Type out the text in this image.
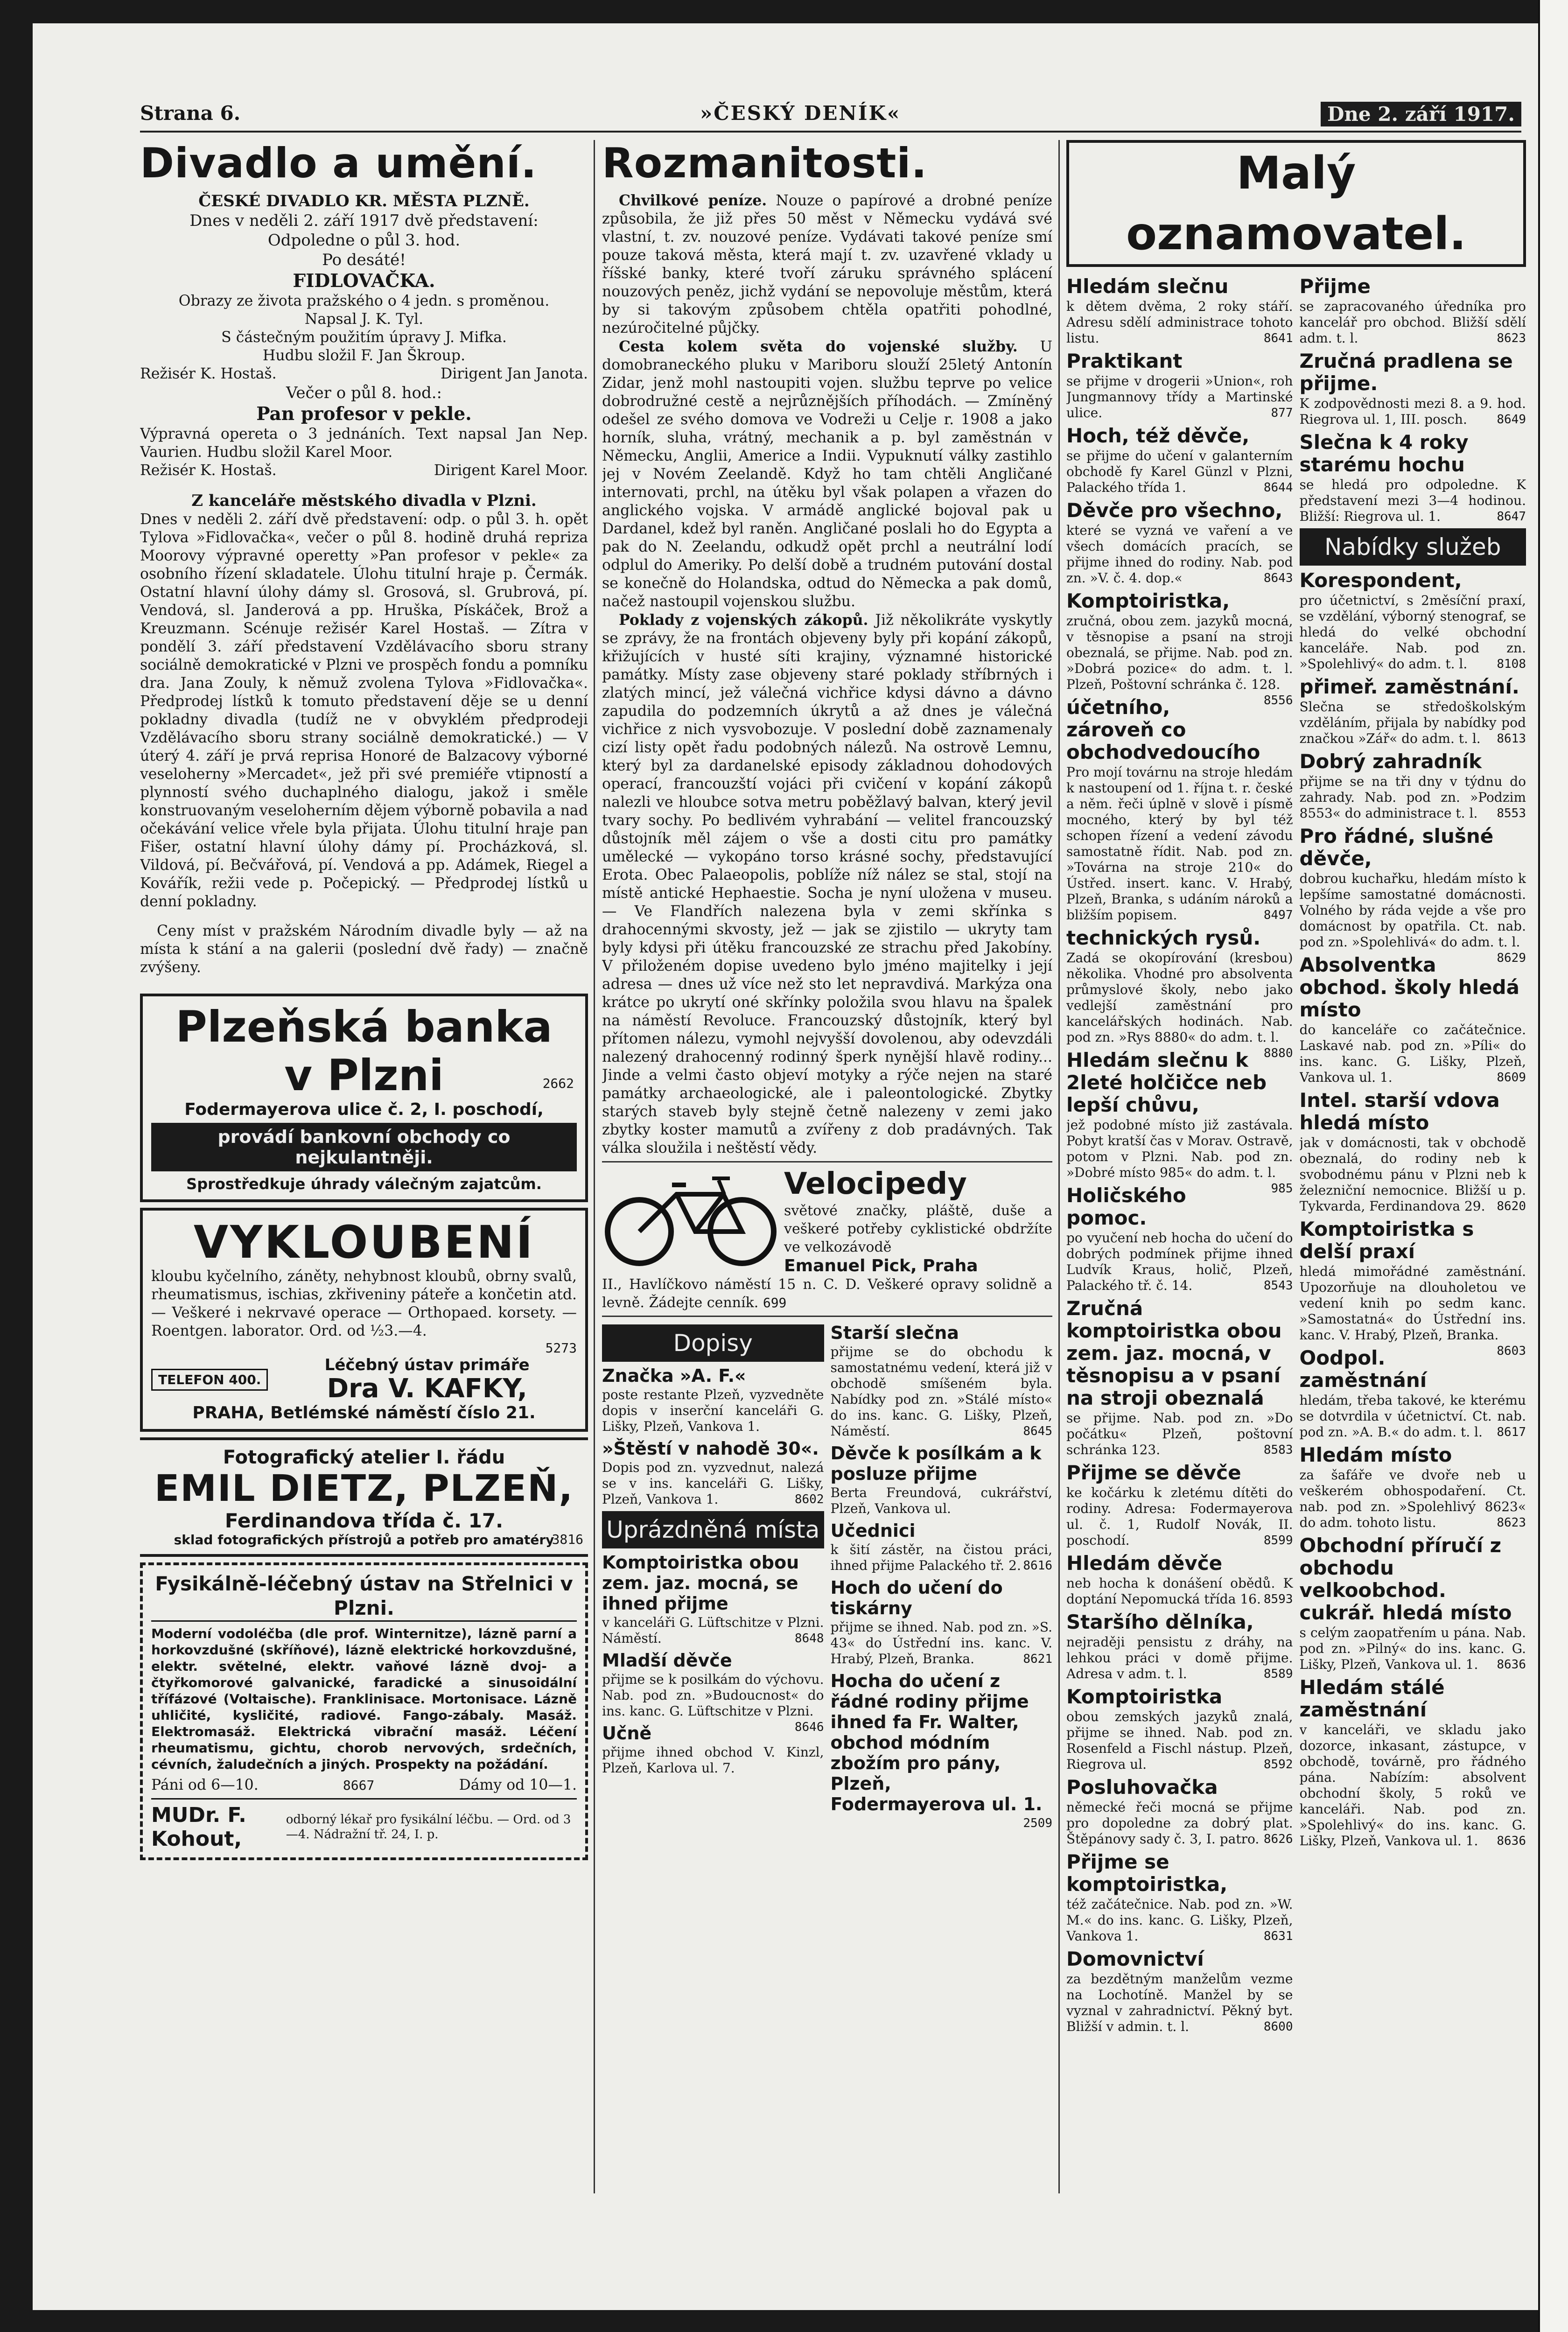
Strana 6.	»ČESKÝ DENÍK«	Dne 2. září 1917.
Divadlo a umění.

ČESKÉ DIVADLO KR. MĚSTA PLZNĚ.

Dnes v neděli 2. září 1917 dvě představení:

Odpoledne o půl 3. hod.

Po desáté!

FIDLOVAČKA.

Obrazy ze života pražského o 4 jedn. s proměnou.

Napsal J. K. Tyl.

S částečným použitím úpravy J. Mifka.

Hudbu složil F. Jan Škroup.

Režisér K. Hostaš.	Dirigent Jan Janota.

Večer o půl 8. hod.:

Pan profesor v pekle.

Výpravná opereta o 3 jednáních. Text napsal Jan Nep. Vaurien. Hudbu složil Karel Moor.

Režisér K. Hostaš.	Dirigent Karel Moor.

Z kanceláře městského divadla v Plzni.

Dnes v neděli 2. září dvě představení: odp. o půl 3. h. opět Tylova »Fidlovačka«, večer o půl 8. hodině druhá repriza Moorovy výpravné operetty »Pan profesor v pekle« za osobního řízení skladatele. Úlohu titulní hraje p. Čermák. Ostatní hlavní úlohy dámy sl. Grosová, sl. Grubrová, pí. Vendová, sl. Janderová a pp. Hruška, Pískáček, Brož a Kreuzmann. Scénuje režisér Karel Hostaš. — Zítra v pondělí 3. září představení Vzdělávacího sboru strany sociálně demokratické v Plzni ve prospěch fondu a pomníku dra. Jana Zouly, k němuž zvolena Tylova »Fidlovačka«. Předprodej lístků k tomuto představení děje se u denní pokladny divadla (tudíž ne v obvyklém předprodeji Vzdělávacího sboru strany sociálně demokratické.) — V úterý 4. září je prvá reprisa Honoré de Balzacovy výborné veseloherny »Mercadet«, jež při své premiéře vtipností a plynností svého duchaplného dialogu, jakož i směle konstruovaným veseloherním dějem výborně pobavila a nad očekávání velice vřele byla přijata. Úlohu titulní hraje pan Fišer, ostatní hlavní úlohy dámy pí. Procházková, sl. Vildová, pí. Bečvářová, pí. Vendová a pp. Adámek, Riegel a Kovářík, režii vede p. Počepický. — Předprodej lístků u denní pokladny.

Ceny míst v pražském Národním divadle byly — až na místa k stání a na galerii (poslední dvě řady) — značně zvýšeny.

Plzeňská banka
v Plzni	2662

Fodermayerova ulice č. 2, I. poschodí,

provádí bankovní obchody co nejkulantněji.

Sprostředkuje úhrady válečným zajatcům.

VYKLOUBENÍ

kloubu kyčelního, záněty, nehybnost kloubů, obrny svalů, rheumatismus, ischias, zkřiveniny páteře a končetin atd. — Veškeré i nekrvavé operace — Orthopaed. korsety. — Roentgen. laborator. Ord. od ½3.—4.

5273
TELEFON 400.

Léčebný ústav primáře

Dra V. KAFKY,

PRAHA, Betlémské náměstí číslo 21.

Fotografický atelier I. řádu

EMIL DIETZ, PLZEŇ,

Ferdinandova třída č. 17.

3816

sklad fotografických přístrojů a potřeb pro amatéry

Fysikálně-léčebný ústav na Střelnici v Plzni.

Moderní vodoléčba (dle prof. Winternitze), lázně parní a horkovzdušné (skříňové), lázně elektrické horkovzdušné, elektr. světelné, elektr. vaňové lázně dvoj- a čtyřkomorové galvanické, faradické a sinusoidální třífázové (Voltaische). Franklinisace. Mortonisace. Lázně uhličité, kysličité, radiové. Fango-zábaly. Masáž. Elektromasáž. Elektrická vibrační masáž. Léčení rheumatismu, gichtu, chorob nervových, srdečních, cévních, žaludečních a jiných. Prospekty na požádání.

Páni od 6—10.	8667	Dámy od 10—1.
MUDr. F. Kohout,
odborný lékař pro fysikální léčbu. — Ord. od 3—4. Nádražní tř. 24, I. p.
Rozmanitosti.

Chvilkové peníze. Nouze o papírové a drobné peníze způsobila, že již přes 50 měst v Německu vydává své vlastní, t. zv. nouzové peníze. Vydávati takové peníze smí pouze taková města, která mají t. zv. uzavřené vklady u říšské banky, které tvoří záruku správného splácení nouzových peněz, jichž vydání se nepovoluje městům, která by si takovým způsobem chtěla opatřiti pohodlné, nezúročitelné půjčky.

Cesta kolem světa do vojenské služby. U domobraneckého pluku v Mariboru slouží 25letý Antonín Zidar, jenž mohl nastoupiti vojen. službu teprve po velice dobrodružné cestě a nejrůznějších příhodách. — Zmíněný odešel ze svého domova ve Vodreži u Celje r. 1908 a jako horník, sluha, vrátný, mechanik a p. byl zaměstnán v Německu, Anglii, Americe a Indii. Vypuknutí války zastihlo jej v Novém Zeelandě. Když ho tam chtěli Angličané internovati, prchl, na útěku byl však polapen a vřazen do anglického vojska. V armádě anglické bojoval pak u Dardanel, kdež byl raněn. Angličané poslali ho do Egypta a pak do N. Zeelandu, odkudž opět prchl a neutrální lodí odplul do Ameriky. Po delší době a trudném putování dostal se konečně do Holandska, odtud do Německa a pak domů, načež nastoupil vojenskou službu.

Poklady z vojenských zákopů. Již několikráte vyskytly se zprávy, že na frontách objeveny byly při kopání zákopů, křižujících v husté síti krajiny, významné historické památky. Místy zase objeveny staré poklady stříbrných i zlatých mincí, jež válečná vichřice kdysi dávno a dávno zapudila do podzemních úkrytů a až dnes je válečná vichřice z nich vysvobozuje. V poslední době zaznamenaly cizí listy opět řadu podobných nálezů. Na ostrově Lemnu, který byl za dardanelské episody základnou dohodových operací, francouzští vojáci při cvičení v kopání zákopů nalezli ve hloubce sotva metru poběžlavý balvan, který jevil tvary sochy. Po bedlivém vyhrabání — velitel francouzský důstojník měl zájem o vše a dosti citu pro památky umělecké — vykopáno torso krásné sochy, představující Erota. Obec Palaeopolis, poblíže níž nález se stal, stojí na místě antické Hephaestie. Socha je nyní uložena v museu. — Ve Flandřích nalezena byla v zemi skřínka s drahocennými skvosty, jež — jak se zjistilo — ukryty tam byly kdysi při útěku francouzské ze strachu před Jakobíny. V přiloženém dopise uvedeno bylo jméno majitelky i její adresa — dnes už více než sto let nepravdivá. Markýza ona krátce po ukrytí oné skřínky položila svou hlavu na špalek na náměstí Revoluce. Francouzský důstojník, který byl přítomen nálezu, vymohl nejvyšší dovolenou, aby odevzdáli nalezený drahocenný rodinný šperk nynější hlavě rodiny... Jinde a velmi často objeví motyky a rýče nejen na staré památky archaeologické, ale i paleontologické. Zbytky starých staveb byly stejně četně nalezeny v zemi jako zbytky koster mamutů a zvířeny z dob pradávných. Tak válka sloužila i neštěstí vědy.

Velocipedy

světové značky, pláště, duše a veškeré potřeby cyklistické obdržíte ve velkozávodě

Emanuel Pick, Praha

II., Havlíčkovo náměstí 15 n. C. D. Veškeré opravy solidně a levně. Žádejte cenník. 699

Dopisy

Značka »A. F.«

poste restante Plzeň, vyzvedněte dopis v inserční kanceláři G. Lišky, Plzeň, Vankova 1.

»Štěstí v nahodě 30«.

Dopis pod zn. vyzvednut, nalezá se v ins. kanceláři G. Lišky, Plzeň, Vankova 1.	8602

Uprázdněná místa

Komptoiristka obou zem. jaz. mocná, se ihned přijme

v kanceláři G. Lüftschitze v Plzni. Náměstí.	8648

Mladší děvče

přijme se k posilkám do výchovu. Nab. pod zn. »Budoucnost« do ins. kanc. G. Lüftschitze v Plzni.
8646

Učně

přijme ihned obchod V. Kinzl, Plzeň, Karlova ul. 7.

Starší slečna

přijme se do obchodu k samostatnému vedení, která již v obchodě smíšeném byla. Nabídky pod zn. »Stálé místo« do ins. kanc. G. Lišky, Plzeň, Náměstí.	8645

Děvče k posílkám a k posluze přijme

Berta Freundová, cukrářství, Plzeň, Vankova ul.

Učednici

k šití zástěr, na čistou práci, ihned přijme Palackého tř. 2. 8616

Hoch do učení do tiskárny

přijme se ihned. Nab. pod zn. »S. 43« do Ústřední ins. kanc. V. Hrabý, Plzeň, Branka.	8621

Hocha do učení z řádné rodiny přijme ihned fa Fr. Walter, obchod módním zbožím pro pány, Plzeň, Fodermayerova ul. 1.

2509

Malý oznamovatel.

Hledám slečnu

k dětem dvěma, 2 roky stáří. Adresu sdělí administrace tohoto listu.	8641

Praktikant

se přijme v drogerii »Union«, roh Jungmannovy třídy a Martinské ulice.	877

Hoch, též děvče,

se přijme do učení v galanterním obchodě fy Karel Günzl v Plzni, Palackého třída 1.	8644

Děvče pro všechno,

které se vyzná ve vaření a ve všech domácích pracích, se přijme ihned do rodiny. Nab. pod zn. »V. č. 4. dop.«	8643

Komptoiristka,

zručná, obou zem. jazyků mocná, v těsnopise a psaní na stroji obeznalá, se přijme. Nab. pod zn. »Dobrá pozice« do adm. t. l. Plzeň, Poštovní schránka č. 128.
8556

účetního, zároveň co obchodvedoucího

Pro mojí továrnu na stroje hledám k nastoupení od 1. října t. r. české a něm. řeči úplně v slově i písmě mocného, který by byl též schopen řízení a vedení závodu samostatně řídit. Nab. pod zn. »Továrna na stroje 210« do Ústřed. insert. kanc. V. Hrabý, Plzeň, Branka, s udáním nároků a bližším popisem.	8497

technických rysů.

Zadá se okopírování (kresbou) několika. Vhodné pro absolventa průmyslové školy, nebo jako vedlejší zaměstnání pro kancelářských hodinách. Nab. pod zn. »Rys 8880« do adm. t. l.
8880

Hledám slečnu k 2leté holčičce neb lepší chůvu,

jež podobné místo již zastávala. Pobyt kratší čas v Morav. Ostravě, potom v Plzni. Nab. pod zn. »Dobré místo 985« do adm. t. l.
985

Holičského pomoc.

po vyučení neb hocha do učení do dobrých podmínek přijme ihned Ludvík Kraus, holič, Plzeň, Palackého tř. č. 14.	8543

Zručná komptoiristka obou zem. jaz. mocná, v těsnopisu a v psaní na stroji obeznalá

se přijme. Nab. pod zn. »Do počátku« Plzeň, poštovní schránka 123.	8583

Přijme se děvče

ke kočárku k zletému dítěti do rodiny. Adresa: Fodermayerova ul. č. 1, Rudolf Novák, II. poschodí.	8599

Hledám děvče

neb hocha k donášení obědů. K doptání Nepomucká třída 16. 8593

Staršího dělníka,

nejraději pensistu z dráhy, na lehkou práci v domě přijme. Adresa v adm. t. l.	8589

Komptoiristka

obou zemských jazyků znalá, přijme se ihned. Nab. pod zn. Rosenfeld a Fischl nástup. Plzeň, Riegrova ul.	8592

Posluhovačka

německé řeči mocná se přijme pro dopoledne za dobrý plat. Štěpánovy sady č. 3, I. patro. 8626

Přijme se komptoiristka,

též začátečnice. Nab. pod zn. »W. M.« do ins. kanc. G. Lišky, Plzeň, Vankova 1.	8631

Domovnictví

za bezdětným manželům vezme na Lochotíně. Manžel by se vyznal v zahradnictví. Pěkný byt. Bližší v admin. t. l.	8600

Přijme

se zapracovaného úředníka pro kancelář pro obchod. Bližší sdělí adm. t. l.	8623

Zručná pradlena se přijme.

K zodpovědnosti mezi 8. a 9. hod. Riegrova ul. 1, III. posch. 8649

Slečna k 4 roky starému hochu

se hledá pro odpoledne. K představení mezi 3—4 hodinou. Bližší: Riegrova ul. 1.	8647

Nabídky služeb

Korespondent,

pro účetnictví, s 2měsíční praxí, se vzdělání, výborný stenograf, se hledá do velké obchodní kanceláře. Nab. pod zn. »Spolehlivý« do adm. t. l. 8108

přimeř. zaměstnání.

Slečna se středoškolským vzděláním, přijala by nabídky pod značkou »Zář« do adm. t. l. 8613

Dobrý zahradník

přijme se na tři dny v týdnu do zahrady. Nab. pod zn. »Podzim 8553« do administrace t. l. 8553

Pro řádné, slušné děvče,

dobrou kuchařku, hledám místo k lepšíme samostatné domácnosti. Volného by ráda vejde a vše pro domácnost by opatřila. Ct. nab. pod zn. »Spolehlivá« do adm. t. l.
8629

Absolventka obchod. školy hledá místo

do kanceláře co začátečnice. Laskavé nab. pod zn. »Píli« do ins. kanc. G. Lišky, Plzeň, Vankova ul. 1.	8609

Intel. starší vdova hledá místo

jak v domácnosti, tak v obchodě obeznalá, do rodiny neb k svobodnému pánu v Plzni neb k železniční nemocnice. Bližší u p. Tykvarda, Ferdinandova 29. 8620

Komptoiristka s delší praxí

hledá mimořádné zaměstnání. Upozorňuje na dlouholetou ve vedení knih po sedm kanc. »Samostatná« do Ústřední ins. kanc. V. Hrabý, Plzeň, Branka.
8603

Oodpol. zaměstnání

hledám, třeba takové, ke kterému se dotvrdila v účetnictví. Ct. nab. pod zn. »A. B.« do adm. t. l. 8617

Hledám místo

za šafáře ve dvoře neb u veškerém obhospodaření. Ct. nab. pod zn. »Spolehlivý 8623« do adm. tohoto listu.	8623

Obchodní příručí z obchodu velkoobchod. cukrář. hledá místo

s celým zaopatřením u pána. Nab. pod zn. »Pilný« do ins. kanc. G. Lišky, Plzeň, Vankova ul. 1. 8636

Hledám stálé zaměstnání

v kanceláři, ve skladu jako dozorce, inkasant, zástupce, v obchodě, továrně, pro řádného pána. Nabízím: absolvent obchodní školy, 5 roků ve kanceláři. Nab. pod zn. »Spolehlivý« do ins. kanc. G. Lišky, Plzeň, Vankova ul. 1. 8636
